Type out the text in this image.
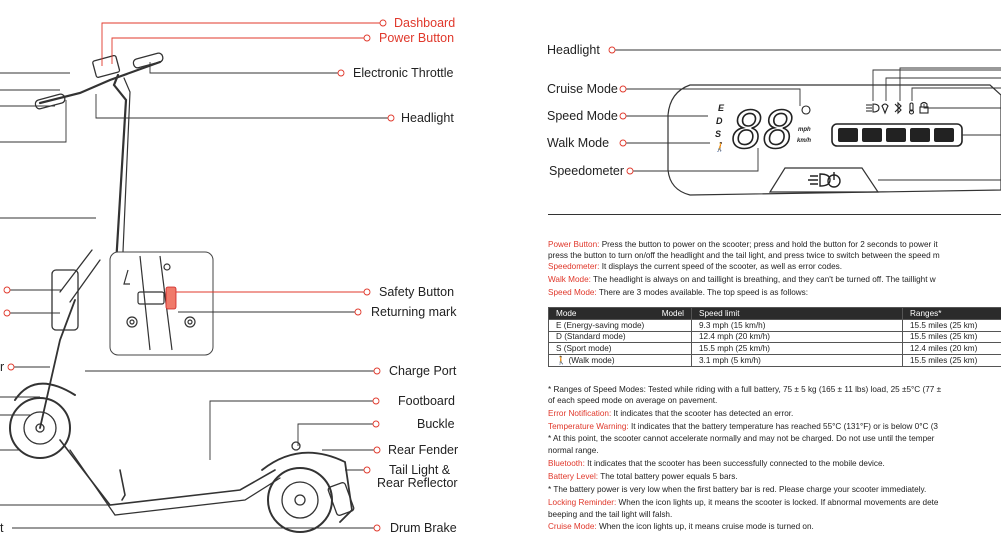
Dashboard
Power Button
Electronic Throttle
Headlight
Safety Button
Returning mark
Charge Port
Footboard
Buckle
Rear Fender
Tail Light &
Rear Reflector
Drum Brake
r
t
88
E
D
S
🚶
mph
km/h
Headlight
Cruise Mode
Speed Mode
Walk Mode
Speedometer
Power Button: Press the button to power on the scooter; press and hold the button for 2 seconds to power it
press the button to turn on/off the headlight and the tail light, and press twice to switch between the speed m
Speedometer: It displays the current speed of the scooter, as well as error codes.
Walk Mode: The headlight is always on and taillight is breathing, and they can't be turned off. The taillight w
Speed Mode: There are 3 modes available. The top speed is as follows:
Mode Model	Speed limit	Ranges*
E (Energy-saving mode)	9.3 mph (15 km/h)	15.5 miles (25 km)
D (Standard mode)	12.4 mph (20 km/h)	15.5 miles (25 km)
S (Sport mode)	15.5 mph (25 km/h)	12.4 miles (20 km)
🚶 (Walk mode)	3.1 mph (5 km/h)	15.5 miles (25 km)
* Ranges of Speed Modes: Tested while riding with a full battery, 75 ± 5 kg (165 ± 11 lbs) load, 25 ±5°C (77 ±
of each speed mode on average on pavement.
Error Notification: It indicates that the scooter has detected an error.
Temperature Warning: It indicates that the battery temperature has reached 55°C (131°F) or is below 0°C (3
* At this point, the scooter cannot accelerate normally and may not be charged. Do not use until the temper
normal range.
Bluetooth: It indicates that the scooter has been successfully connected to the mobile device.
Battery Level: The total battery power equals 5 bars.
* The battery power is very low when the first battery bar is red. Please charge your scooter immediately.
Locking Reminder: When the icon lights up, it means the scooter is locked. If abnormal movements are dete
beeping and the tail light will falsh.
Cruise Mode: When the icon lights up, it means cruise mode is turned on.
